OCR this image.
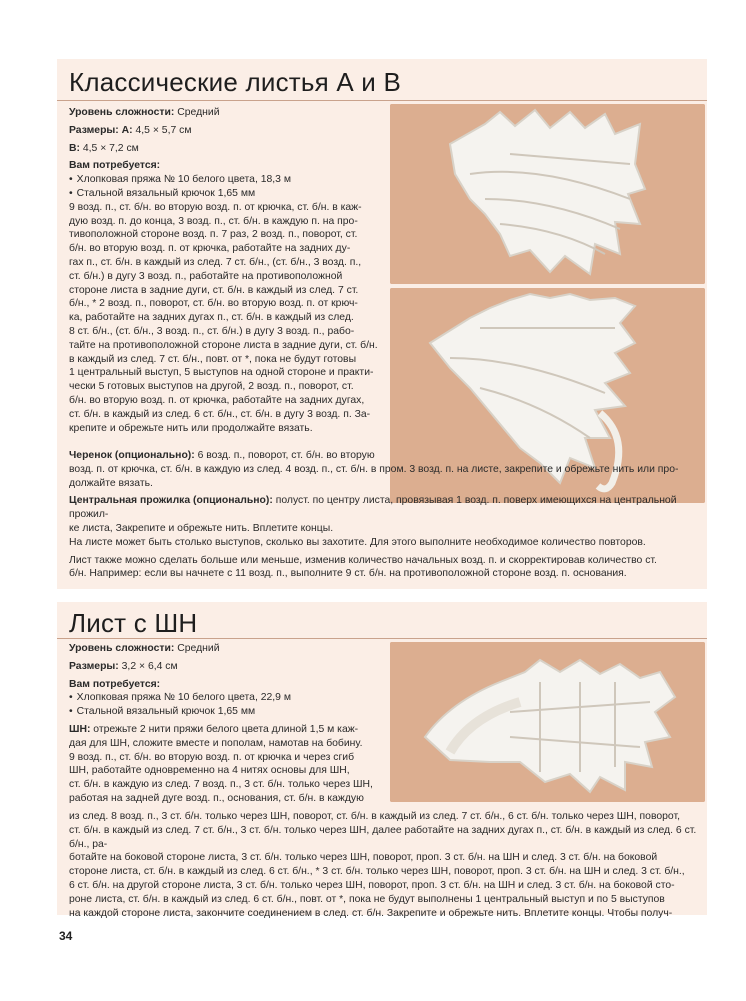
Классические листья А и В

Уровень сложности: Средний

Размеры: А: 4,5 × 5,7 см

В: 4,5 × 7,2 см

Вам потребуется:

• Хлопковая пряжа № 10 белого цвета, 18,3 м

• Стальной вязальный крючок 1,65 мм

9 возд. п., ст. б/н. во вторую возд. п. от крючка, ст. б/н. в каж-

дую возд. п. до конца, 3 возд. п., ст. б/н. в каждую п. на про-

тивоположной стороне возд. п. 7 раз, 2 возд. п., поворот, ст.

б/н. во вторую возд. п. от крючка, работайте на задних ду-

гах п., ст. б/н. в каждый из след. 7 ст. б/н., (ст. б/н., 3 возд. п.,

ст. б/н.) в дугу 3 возд. п., работайте на противоположной

стороне листа в задние дуги, ст. б/н. в каждый из след. 7 ст.

б/н., * 2 возд. п., поворот, ст. б/н. во вторую возд. п. от крюч-

ка, работайте на задних дугах п., ст. б/н. в каждый из след.

8 ст. б/н., (ст. б/н., 3 возд. п., ст. б/н.) в дугу 3 возд. п., рабо-

тайте на противоположной стороне листа в задние дуги, ст. б/н.

в каждый из след. 7 ст. б/н., повт. от *, пока не будут готовы

1 центральный выступ, 5 выступов на одной стороне и практи-

чески 5 готовых выступов на другой, 2 возд. п., поворот, ст.

б/н. во вторую возд. п. от крючка, работайте на задних дугах,

ст. б/н. в каждый из след. 6 ст. б/н., ст. б/н. в дугу 3 возд. п. За-

крепите и обрежьте нить или продолжайте вязать.

Черенок (опционально): 6 возд. п., поворот, ст. б/н. во вторую

возд. п. от крючка, ст. б/н. в каждую из след. 4 возд. п., ст. б/н. в пром. 3 возд. п. на листе, закрепите и обрежьте нить или про-

должайте вязать.

Центральная прожилка (опционально): полуст. по центру листа, провязывая 1 возд. п. поверх имеющихся на центральной прожил-

ке листа, Закрепите и обрежьте нить. Вплетите концы.

На листе может быть столько выступов, сколько вы захотите. Для этого выполните необходимое количество повторов.

Лист также можно сделать больше или меньше, изменив количество начальных возд. п. и скорректировав количество ст.

б/н. Например: если вы начнете с 11 возд. п., выполните 9 ст. б/н. на противоположной стороне возд. п. основания.

Лист с ШН

Уровень сложности: Средний

Размеры: 3,2 × 6,4 см

Вам потребуется:

• Хлопковая пряжа № 10 белого цвета, 22,9 м

• Стальной вязальный крючок 1,65 мм

ШН: отрежьте 2 нити пряжи белого цвета длиной 1,5 м каж-

дая для ШН, сложите вместе и пополам, намотав на бобину.

9 возд. п., ст. б/н. во вторую возд. п. от крючка и через сгиб

ШН, работайте одновременно на 4 нитях основы для ШН,

ст. б/н. в каждую из след. 7 возд. п., 3 ст. б/н. только через ШН,

работая на задней дуге возд. п., основания, ст. б/н. в каждую

из след. 8 возд. п., 3 ст. б/н. только через ШН, поворот, ст. б/н. в каждый из след. 7 ст. б/н., 6 ст. б/н. только через ШН, поворот,

ст. б/н. в каждый из след. 7 ст. б/н., 3 ст. б/н. только через ШН, далее работайте на задних дугах п., ст. б/н. в каждый из след. 6 ст. б/н., ра-

ботайте на боковой стороне листа, 3 ст. б/н. только через ШН, поворот, проп. 3 ст. б/н. на ШН и след. 3 ст. б/н. на боковой

стороне листа, ст. б/н. в каждый из след. 6 ст. б/н., * 3 ст. б/н. только через ШН, поворот, проп. 3 ст. б/н. на ШН и след. 3 ст. б/н.,

6 ст. б/н. на другой стороне листа, 3 ст. б/н. только через ШН, поворот, проп. 3 ст. б/н. на ШН и след. 3 ст. б/н. на боковой сто-

роне листа, ст. б/н. в каждый из след. 6 ст. б/н., повт. от *, пока не будут выполнены 1 центральный выступ и по 5 выступов

на каждой стороне листа, закончите соединением в след. ст. б/н. Закрепите и обрежьте нить. Вплетите концы. Чтобы получ-

34
